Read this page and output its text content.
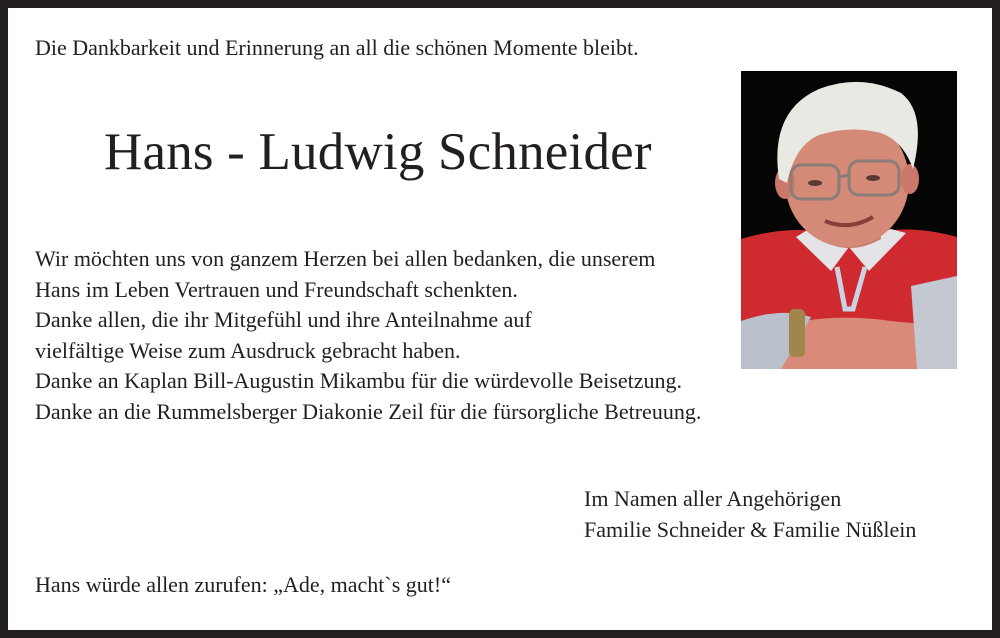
Die Dankbarkeit und Erinnerung an all die schönen Momente bleibt.
Hans - Ludwig Schneider
Wir möchten uns von ganzem Herzen bei allen bedanken, die unserem
Hans im Leben Vertrauen und Freundschaft schenkten.
Danke allen, die ihr Mitgefühl und ihre Anteilnahme auf
vielfältige Weise zum Ausdruck gebracht haben.
Danke an Kaplan Bill-Augustin Mikambu für die würdevolle Beisetzung.
Danke an die Rummelsberger Diakonie Zeil für die fürsorgliche Betreuung.
Im Namen aller Angehörigen
Familie Schneider & Familie Nüßlein
Hans würde allen zurufen: „Ade, macht`s gut!“
